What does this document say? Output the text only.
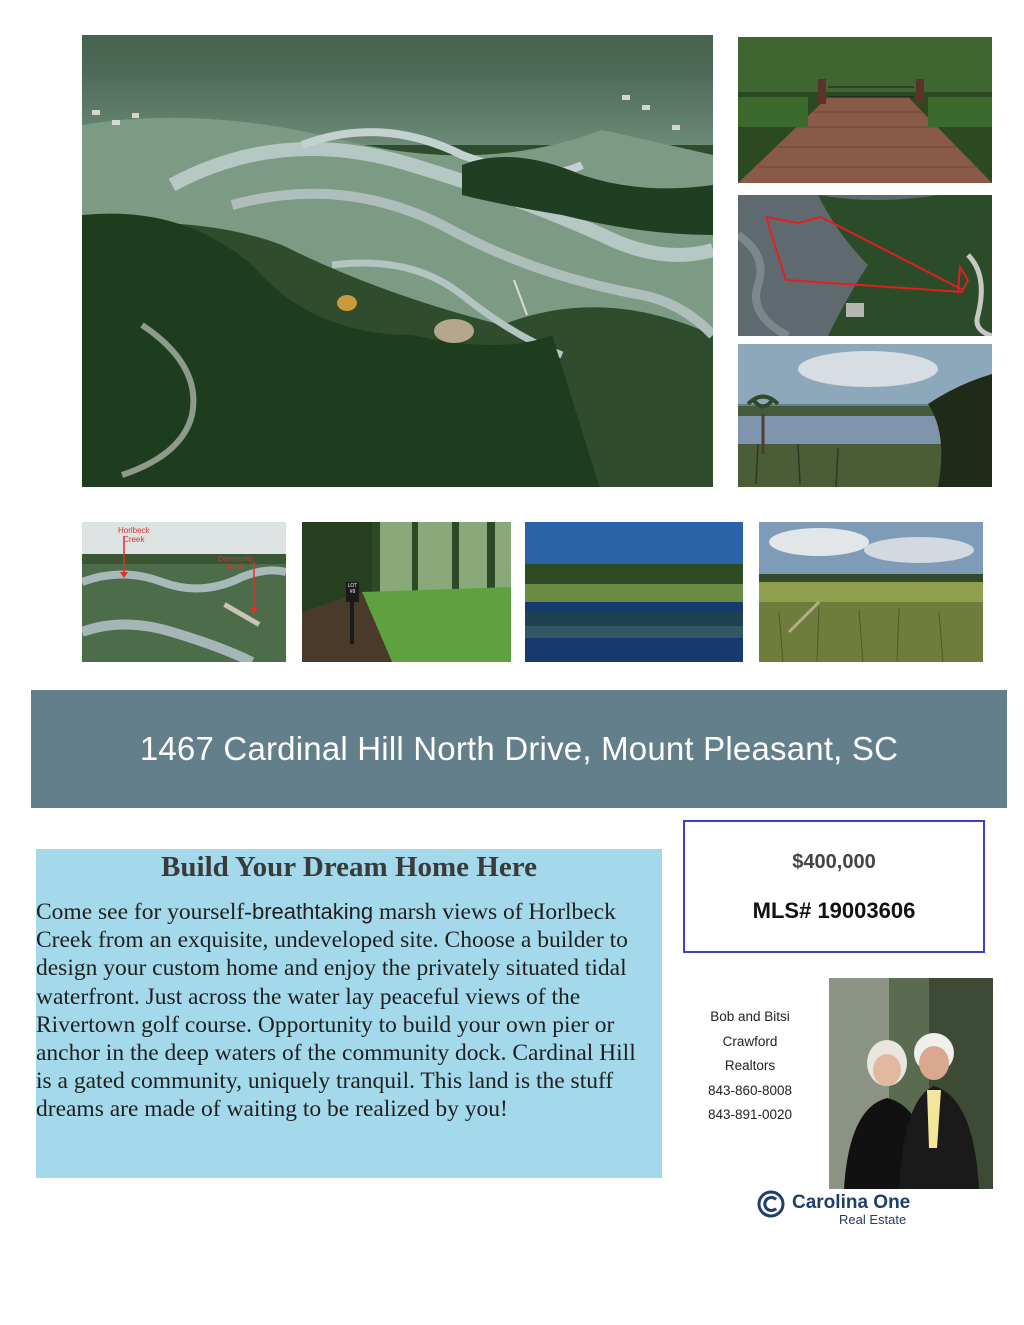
Horlbeck
Creek
Community
Dock
LOT
#9
1467 Cardinal Hill North Drive, Mount Pleasant, SC
Build Your Dream Home Here

Come see for yourself-breathtaking marsh views of Horlbeck Creek from an exquisite, undeveloped site. Choose a builder to design your custom home and enjoy the privately situated tidal waterfront. Just across the water lay peaceful views of the Rivertown golf course. Opportunity to build your own pier or anchor in the deep waters of the community dock. Cardinal Hill is a gated community, uniquely tranquil. This land is the stuff dreams are made of waiting to be realized by you!

$400,000
MLS# 19003606
Bob and Bitsi
Crawford
Realtors
843-860-8008
843-891-0020
Carolina One
Real Estate
